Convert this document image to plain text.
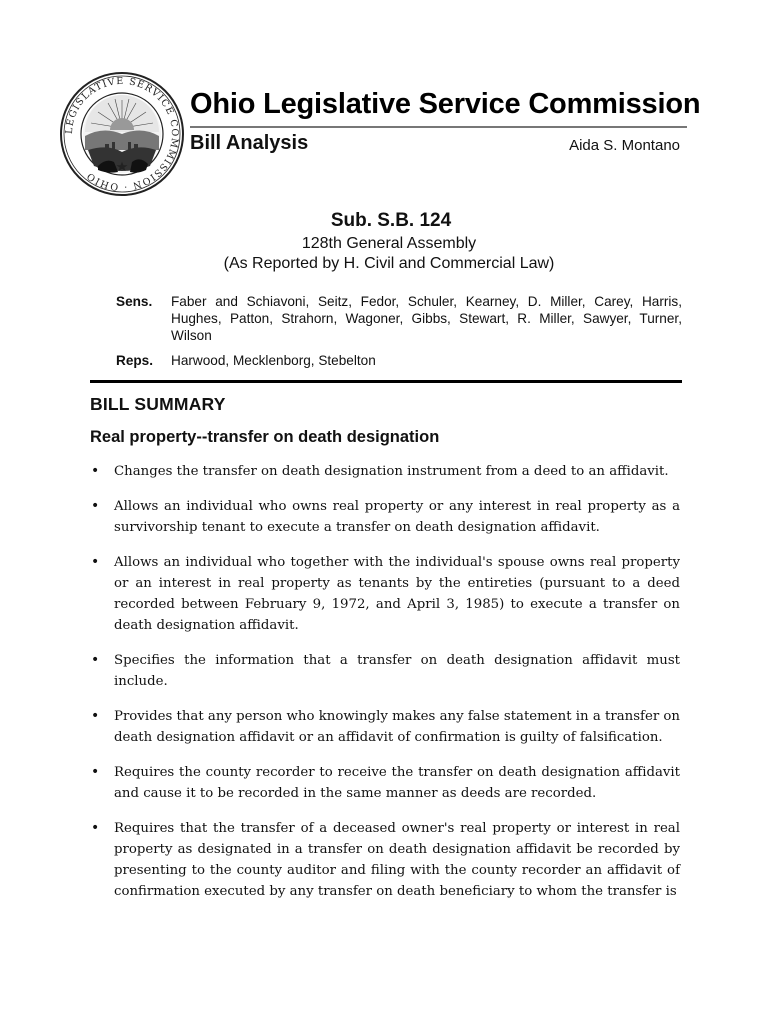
LEGISLATIVE SERVICE COMMISSION · OHIO
Ohio Legislative Service Commission
Bill Analysis	Aida S. Montano
Sub. S.B. 124
128th General Assembly
(As Reported by H. Civil and Commercial Law)
Sens. Faber and Schiavoni, Seitz, Fedor, Schuler, Kearney, D. Miller, Carey, Harris, Hughes, Patton, Strahorn, Wagoner, Gibbs, Stewart, R. Miller, Sawyer, Turner, Wilson
Reps. Harwood, Mecklenborg, Stebelton
BILL SUMMARY
Real property--transfer on death designation
• Changes the transfer on death designation instrument from a deed to an affidavit.
• Allows an individual who owns real property or any interest in real property as a survivorship tenant to execute a transfer on death designation affidavit.
• Allows an individual who together with the individual's spouse owns real property or an interest in real property as tenants by the entireties (pursuant to a deed recorded between February 9, 1972, and April 3, 1985) to execute a transfer on death designation affidavit.
• Specifies the information that a transfer on death designation affidavit must include.
• Provides that any person who knowingly makes any false statement in a transfer on death designation affidavit or an affidavit of confirmation is guilty of falsification.
• Requires the county recorder to receive the transfer on death designation affidavit and cause it to be recorded in the same manner as deeds are recorded.
• Requires that the transfer of a deceased owner's real property or interest in real property as designated in a transfer on death designation affidavit be recorded by presenting to the county auditor and filing with the county recorder an affidavit of confirmation executed by any transfer on death beneficiary to whom the transfer is
